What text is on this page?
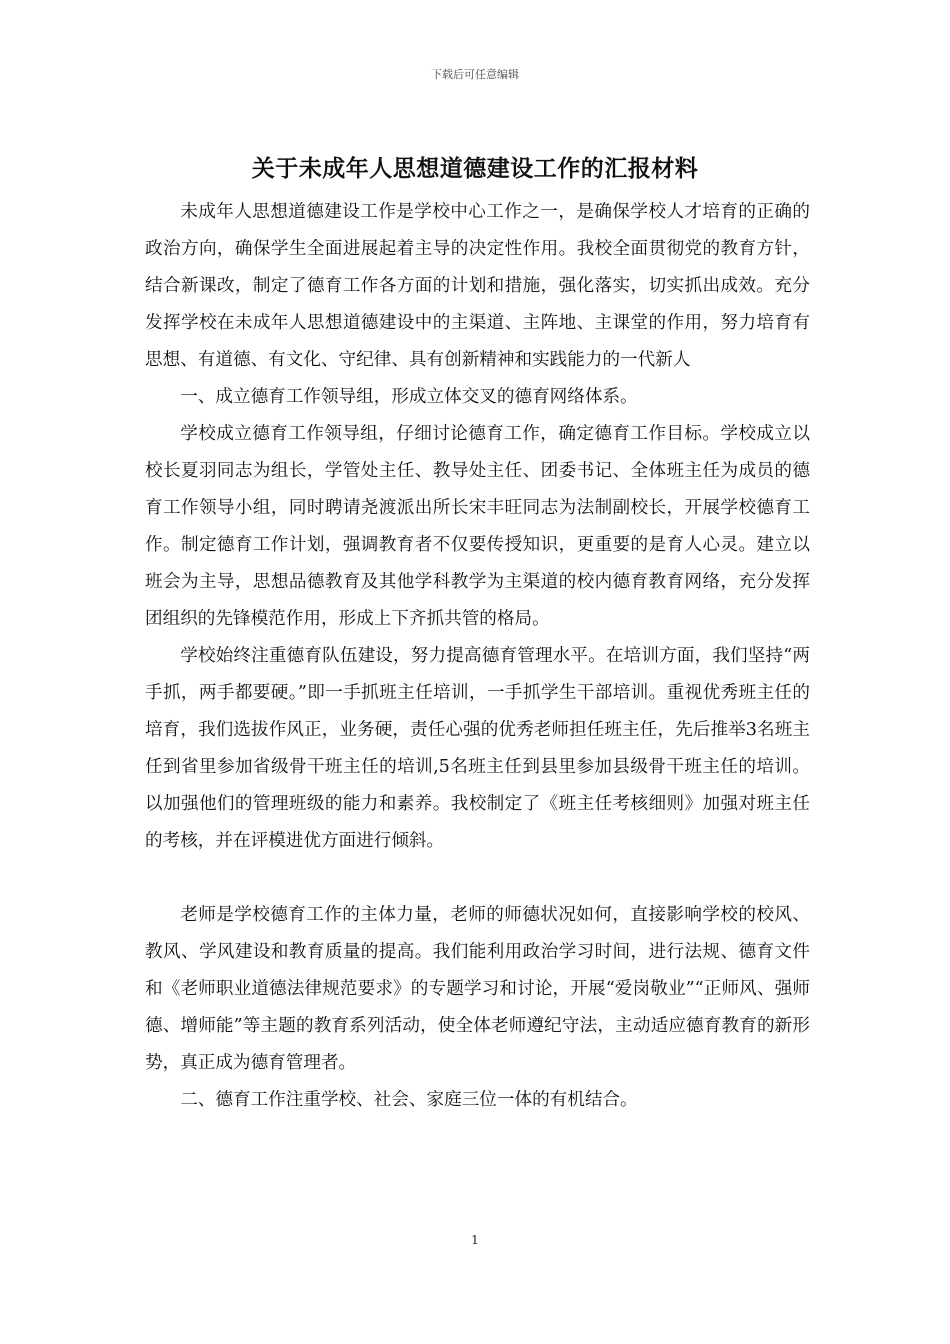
下载后可任意编辑
关于未成年人思想道德建设工作的汇报材料

未成年人思想道德建设工作是学校中心工作之一，是确保学校人才培育的正确的政治方向，确保学生全面进展起着主导的决定性作用。我校全面贯彻党的教育方针，结合新课改，制定了德育工作各方面的计划和措施，强化落实，切实抓出成效。充分发挥学校在未成年人思想道德建设中的主渠道、主阵地、主课堂的作用，努力培育有思想、有道德、有文化、守纪律、具有创新精神和实践能力的一代新人

一、成立德育工作领导组，形成立体交叉的德育网络体系。

学校成立德育工作领导组，仔细讨论德育工作，确定德育工作目标。学校成立以校长夏羽同志为组长，学管处主任、教导处主任、团委书记、全体班主任为成员的德育工作领导小组，同时聘请尧渡派出所长宋丰旺同志为法制副校长，开展学校德育工作。制定德育工作计划，强调教育者不仅要传授知识，更重要的是育人心灵。建立以班会为主导，思想品德教育及其他学科教学为主渠道的校内德育教育网络，充分发挥团组织的先锋模范作用，形成上下齐抓共管的格局。

学校始终注重德育队伍建设，努力提高德育管理水平。在培训方面，我们坚持“两手抓，两手都要硬。”即一手抓班主任培训，一手抓学生干部培训。重视优秀班主任的培育，我们选拔作风正，业务硬，责任心强的优秀老师担任班主任，先后推举3名班主任到省里参加省级骨干班主任的培训,5名班主任到县里参加县级骨干班主任的培训。以加强他们的管理班级的能力和素养。我校制定了《班主任考核细则》加强对班主任的考核，并在评模进优方面进行倾斜。

老师是学校德育工作的主体力量，老师的师德状况如何，直接影响学校的校风、教风、学风建设和教育质量的提高。我们能利用政治学习时间，进行法规、德育文件和《老师职业道德法律规范要求》的专题学习和讨论，开展“爱岗敬业”“正师风、强师德、增师能”等主题的教育系列活动，使全体老师遵纪守法，主动适应德育教育的新形势，真正成为德育管理者。

二、德育工作注重学校、社会、家庭三位一体的有机结合。

1
